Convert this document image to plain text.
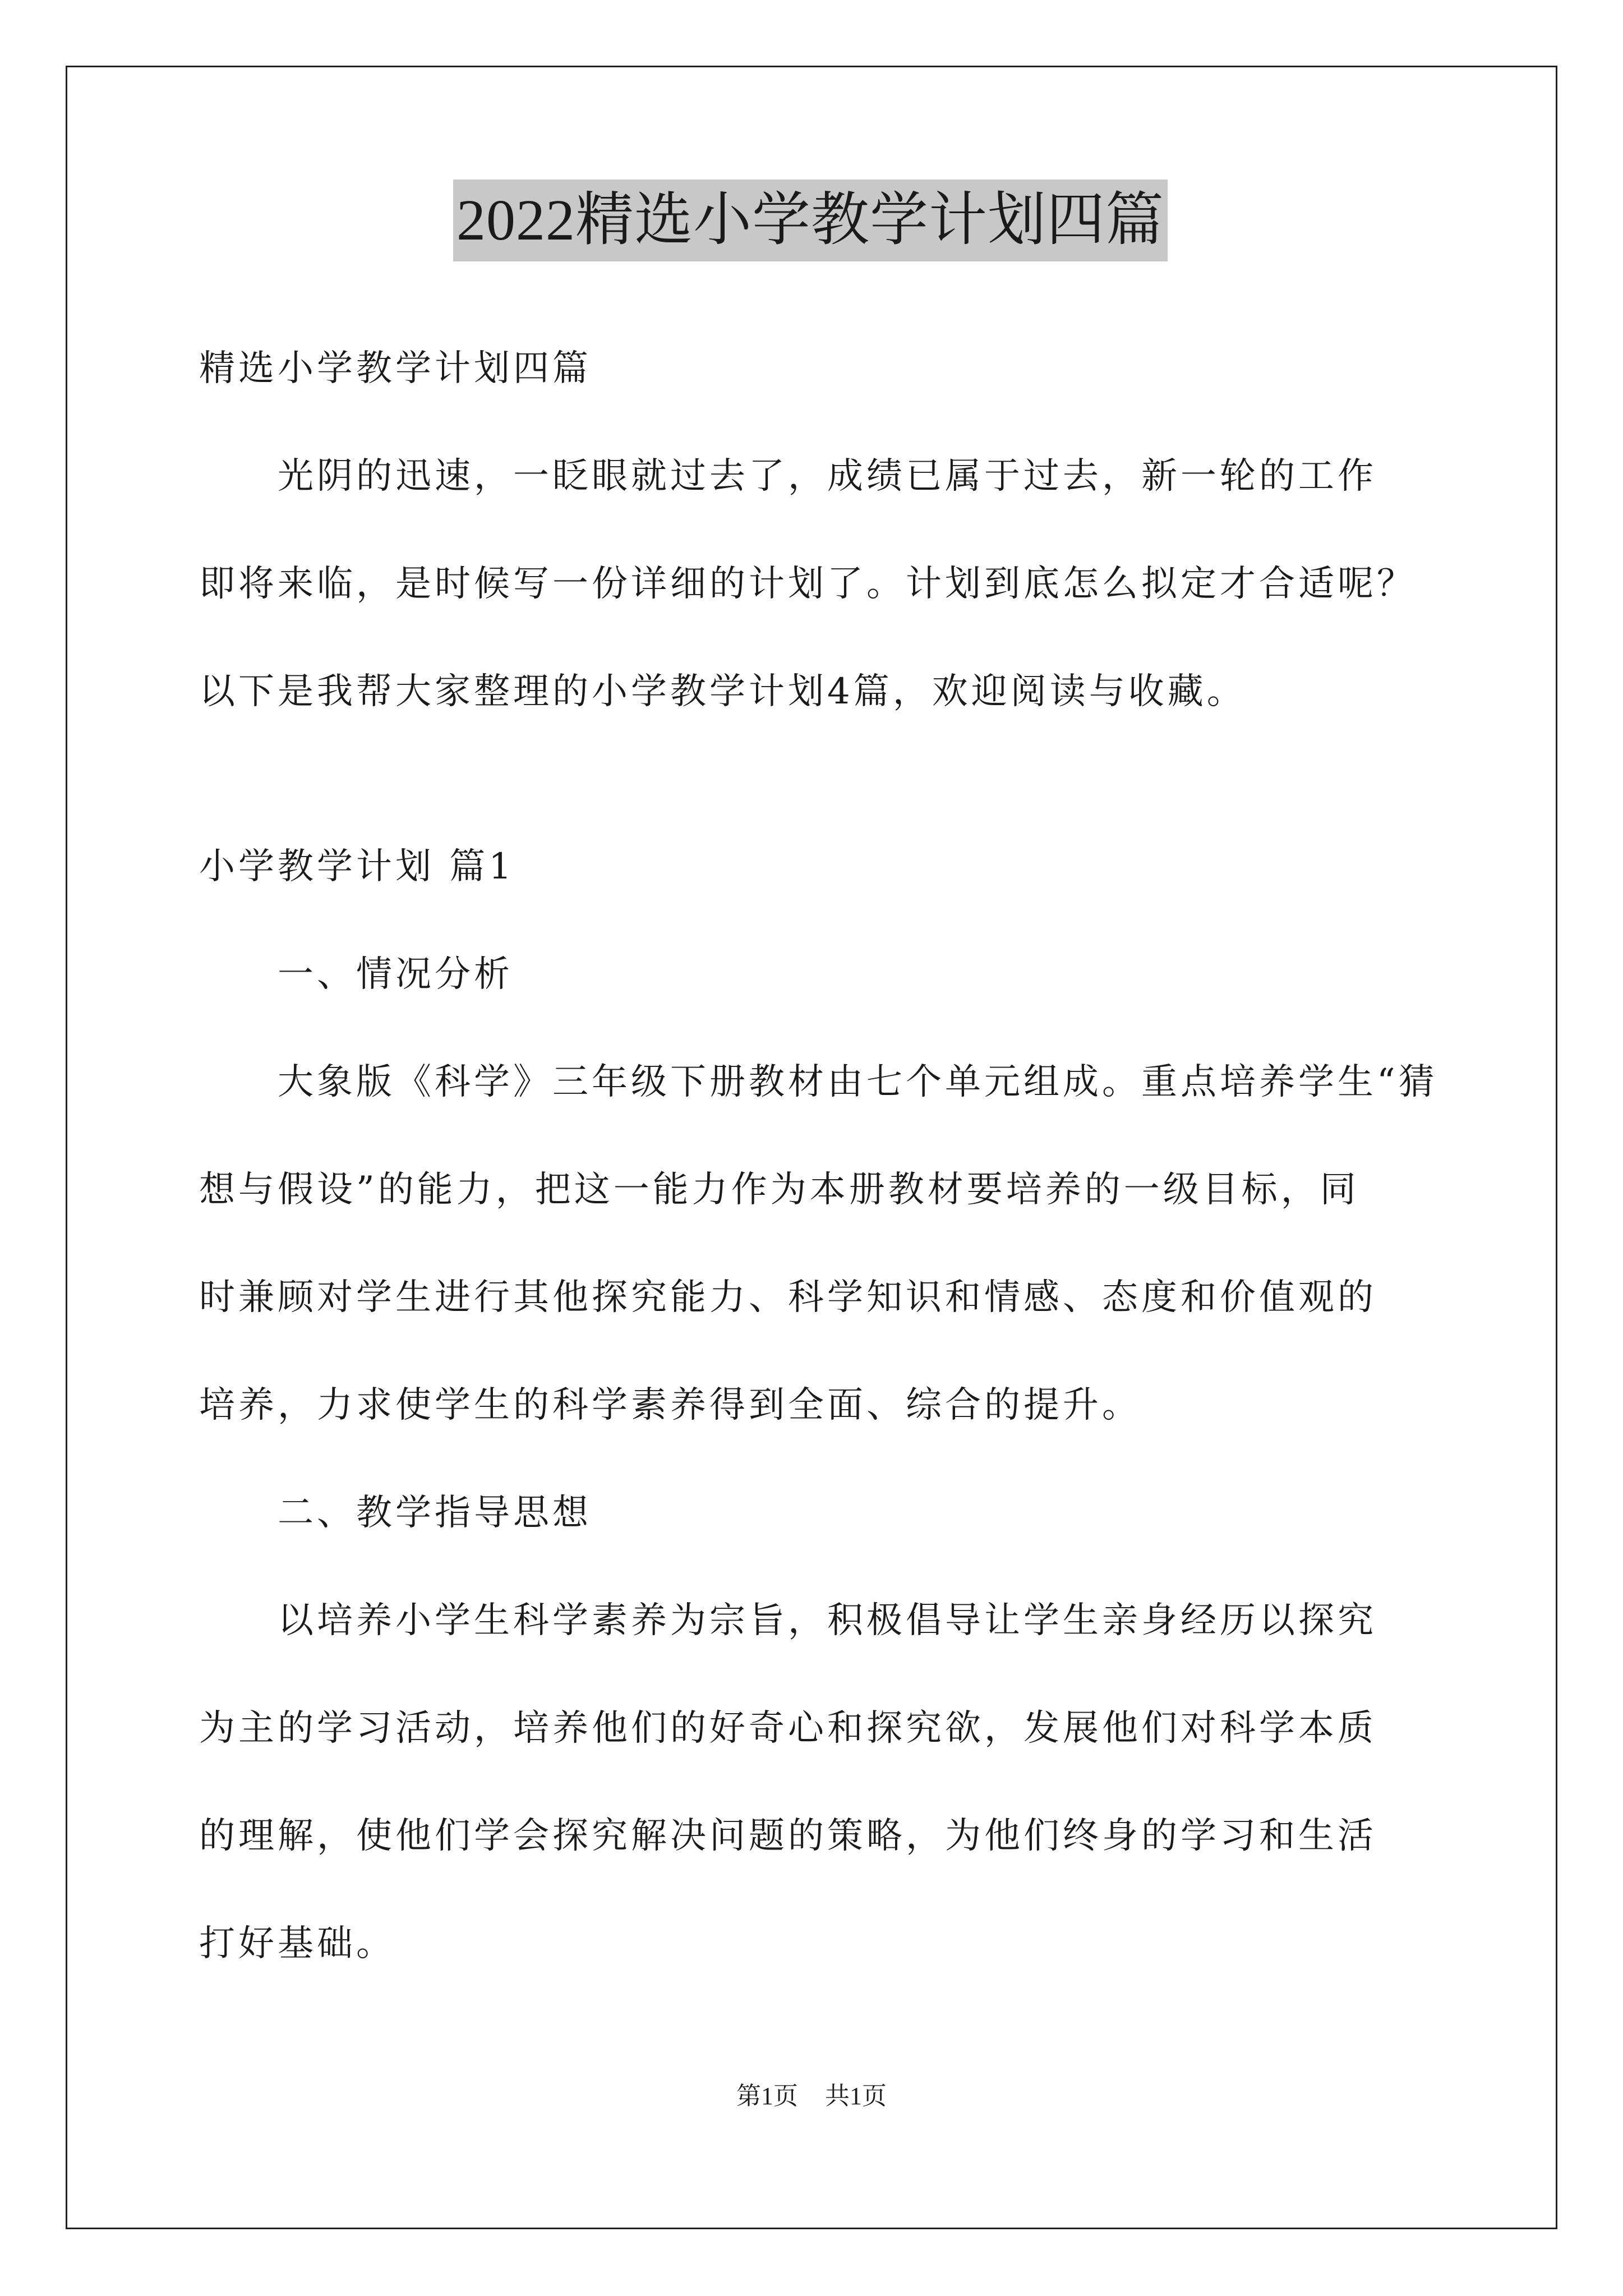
2022精选小学教学计划四篇
精选小学教学计划四篇
光阴的迅速，一眨眼就过去了，成绩已属于过去，新一轮的工作
即将来临，是时候写一份详细的计划了。计划到底怎么拟定才合适呢？
以下是我帮大家整理的小学教学计划4篇，欢迎阅读与收藏。
小学教学计划 篇1
一、情况分析
大象版《科学》三年级下册教材由七个单元组成。重点培养学生“猜
想与假设”的能力，把这一能力作为本册教材要培养的一级目标，同
时兼顾对学生进行其他探究能力、科学知识和情感、态度和价值观的
培养，力求使学生的科学素养得到全面、综合的提升。
二、教学指导思想
以培养小学生科学素养为宗旨，积极倡导让学生亲身经历以探究
为主的学习活动，培养他们的好奇心和探究欲，发展他们对科学本质
的理解，使他们学会探究解决问题的策略，为他们终身的学习和生活
打好基础。
第1页 共1页
